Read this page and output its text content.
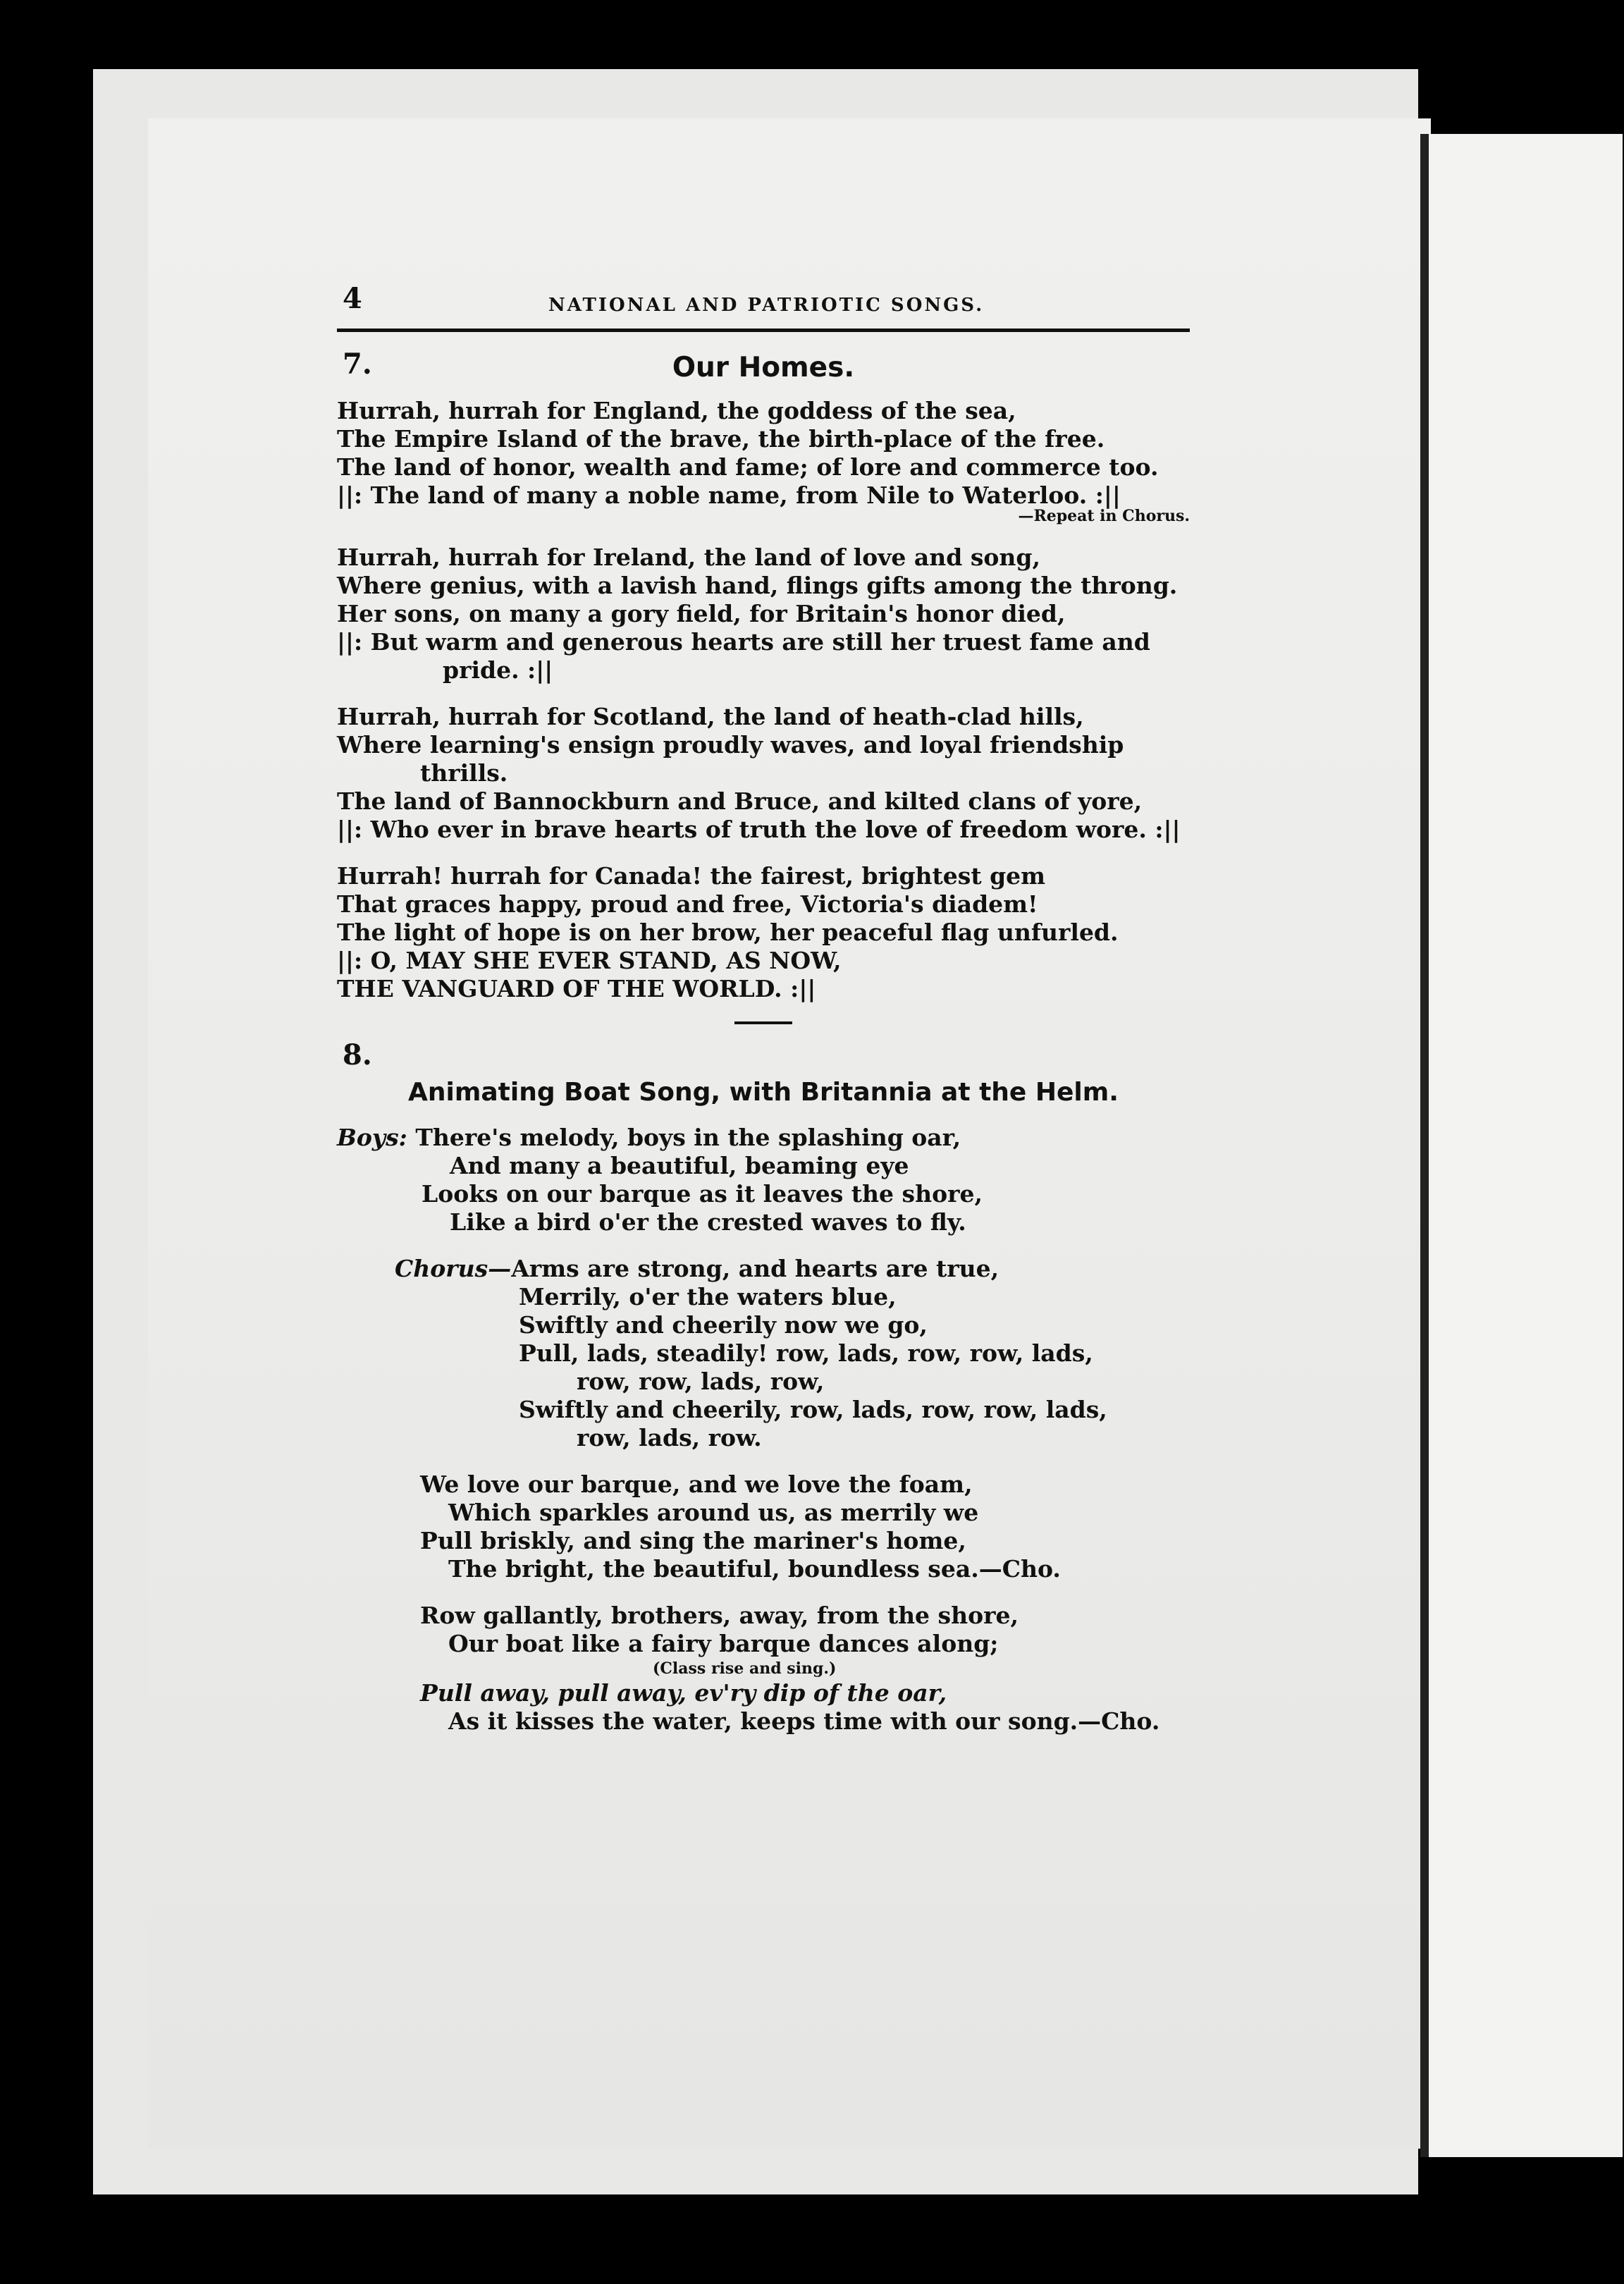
4	NATIONAL AND PATRIOTIC SONGS.
7.	Our Homes.
Hurrah, hurrah for England, the goddess of the sea,
The Empire Island of the brave, the birth-place of the free.
The land of honor, wealth and fame; of lore and commerce too.
||: The land of many a noble name, from Nile to Waterloo. :||
—Repeat in Chorus.
Hurrah, hurrah for Ireland, the land of love and song,
Where genius, with a lavish hand, flings gifts among the throng.
Her sons, on many a gory field, for Britain's honor died,
||: But warm and generous hearts are still her truest fame and
pride. :||
Hurrah, hurrah for Scotland, the land of heath-clad hills,
Where learning's ensign proudly waves, and loyal friendship
thrills.
The land of Bannockburn and Bruce, and kilted clans of yore,
||: Who ever in brave hearts of truth the love of freedom wore. :||
Hurrah! hurrah for Canada! the fairest, brightest gem
That graces happy, proud and free, Victoria's diadem!
The light of hope is on her brow, her peaceful flag unfurled.
||: O, MAY SHE EVER STAND, AS NOW,
THE VANGUARD OF THE WORLD. :||
8.
Animating Boat Song, with Britannia at the Helm.
Boys: There's melody, boys in the splashing oar,
And many a beautiful, beaming eye
Looks on our barque as it leaves the shore,
Like a bird o'er the crested waves to fly.
Chorus—Arms are strong, and hearts are true,
Merrily, o'er the waters blue,
Swiftly and cheerily now we go,
Pull, lads, steadily! row, lads, row, row, lads,
row, row, lads, row,
Swiftly and cheerily, row, lads, row, row, lads,
row, lads, row.
We love our barque, and we love the foam,
Which sparkles around us, as merrily we
Pull briskly, and sing the mariner's home,
The bright, the beautiful, boundless sea.—Cho.
Row gallantly, brothers, away, from the shore,
Our boat like a fairy barque dances along;
(Class rise and sing.)
Pull away, pull away, ev'ry dip of the oar,
As it kisses the water, keeps time with our song.—Cho.
